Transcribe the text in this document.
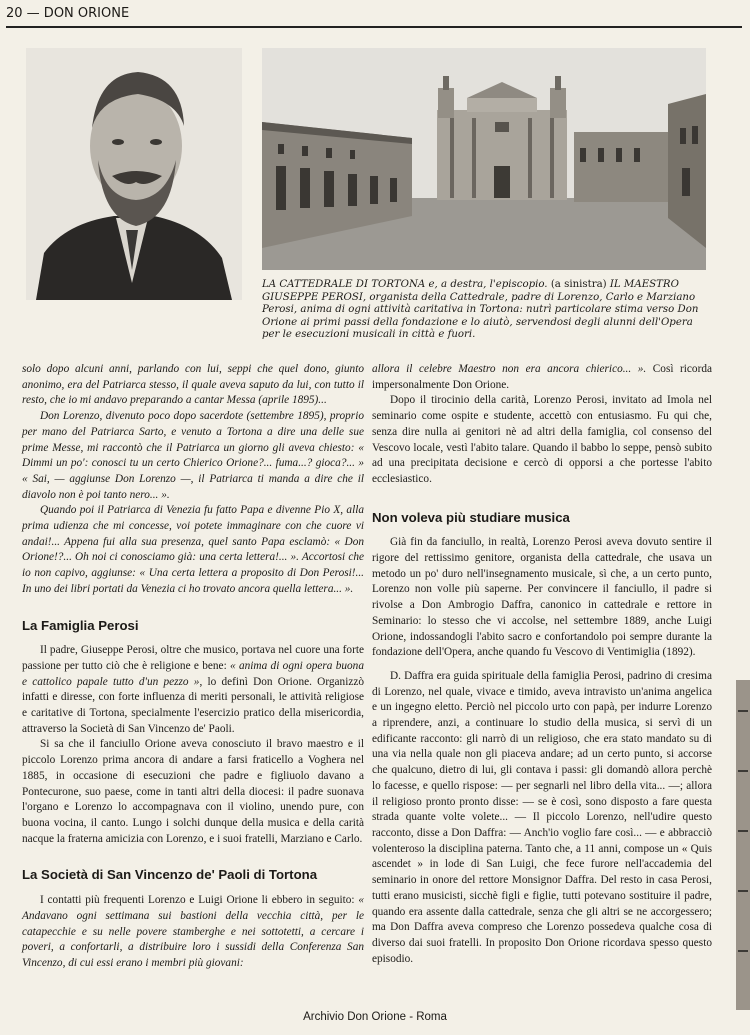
20 — DON ORIONE
LA CATTEDRALE DI TORTONA e, a destra, l'episcopio. (a sinistra) IL MAESTRO GIUSEPPE PEROSI, organista della Cattedrale, padre di Lorenzo, Carlo e Marziano Perosi, anima di ogni attività caritativa in Tortona: nutrì particolare stima verso Don Orione ai primi passi della fondazione e lo aiutò, servendosi degli alunni dell'Opera per le esecuzioni musicali in città e fuori.

solo dopo alcuni anni, parlando con lui, seppi che quel dono, giunto anonimo, era del Patriarca stesso, il quale aveva saputo da lui, con tutto il resto, che io mi andavo preparando a cantar Messa (aprile 1895)...

Don Lorenzo, divenuto poco dopo sacerdote (settembre 1895), proprio per mano del Patriarca Sarto, e venuto a Tortona a dire una delle sue prime Messe, mi raccontò che il Patriarca un giorno gli aveva chiesto: « Dimmi un po': conosci tu un certo Chierico Orione?... fuma...? gioca?... » « Sai, — aggiunse Don Lorenzo —, il Patriarca ti manda a dire che il diavolo non è poi tanto nero... ».

Quando poi il Patriarca di Venezia fu fatto Papa e divenne Pio X, alla prima udienza che mi concesse, voi potete immaginare con che cuore vi andai!... Appena fui alla sua presenza, quel santo Papa esclamò: « Don Orione!?... Oh noi ci conosciamo già: una certa lettera!... ». Accortosi che io non capivo, aggiunse: « Una certa lettera a proposito di Don Perosi!... In uno dei libri portati da Venezia ci ho trovato ancora quella lettera... ».

La Famiglia Perosi

Il padre, Giuseppe Perosi, oltre che musico, portava nel cuore una forte passione per tutto ciò che è religione e bene: « anima di ogni opera buona e cattolico papale tutto d'un pezzo », lo definì Don Orione. Organizzò infatti e diresse, con forte influenza di meriti personali, le attività religiose e caritative di Tortona, specialmente l'esercizio pratico della misericordia, attraverso la Società di San Vincenzo de' Paoli.

Si sa che il fanciullo Orione aveva conosciuto il bravo maestro e il piccolo Lorenzo prima ancora di andare a farsi fraticello a Voghera nel 1885, in occasione di esecuzioni che padre e figliuolo davano a Pontecurone, suo paese, come in tanti altri della diocesi: il padre suonava l'organo e Lorenzo lo accompagnava con il violino, unendo pure, con buona vocina, il canto. Lungo i solchi dunque della musica e della carità nacque la fraterna amicizia con Lorenzo, e i suoi fratelli, Marziano e Carlo.

La Società di San Vincenzo de' Paoli di Tortona

I contatti più frequenti Lorenzo e Luigi Orione li ebbero in seguito: « Andavano ogni settimana sui bastioni della vecchia città, per le catapecchie e su nelle povere stamberghe e nei sottotetti, a cercare i poveri, a confortarli, a distribuire loro i sussidi della Conferenza San Vincenzo, di cui essi erano i membri più giovani:

allora il celebre Maestro non era ancora chierico... ». Così ricorda impersonalmente Don Orione.

Dopo il tirocinio della carità, Lorenzo Perosi, invitato ad Imola nel seminario come ospite e studente, accettò con entusiasmo. Fu qui che, senza dire nulla ai genitori nè ad altri della famiglia, col consenso del Vescovo locale, vestì l'abito talare. Quando il babbo lo seppe, pensò subito ad una precipitata decisione e cercò di opporsi a che portesse l'abito ecclesiastico.

Non voleva più studiare musica

Già fin da fanciullo, in realtà, Lorenzo Perosi aveva dovuto sentire il rigore del rettissimo genitore, organista della cattedrale, che usava un metodo un po' duro nell'insegnamento musicale, sì che, a un certo punto, Lorenzo non volle più saperne. Per convincere il fanciullo, il padre si rivolse a Don Ambrogio Daffra, canonico in cattedrale e rettore in Seminario: lo stesso che vi accolse, nel settembre 1889, anche Luigi Orione, indossandogli l'abito sacro e confortandolo poi sempre durante la fondazione dell'Opera, anche quando fu Vescovo di Ventimiglia (1892).

D. Daffra era guida spirituale della famiglia Perosi, padrino di cresima di Lorenzo, nel quale, vivace e timido, aveva intravisto un'anima angelica e un ingegno eletto. Perciò nel piccolo urto con papà, per indurre Lorenzo a riprendere, anzi, a continuare lo studio della musica, si servì di un edificante racconto: gli narrò di un religioso, che era stato mandato su di una via nella quale non gli piaceva andare; ad un certo punto, si accorse che qualcuno, dietro di lui, gli contava i passi: gli domandò allora perchè lo facesse, e quello rispose: — per segnarli nel libro della vita... —; allora il religioso pronto pronto disse: — se è così, sono disposto a fare questa strada quante volte volete... — Il piccolo Lorenzo, nell'udire questo racconto, disse a Don Daffra: — Anch'io voglio fare così... — e abbracciò volenteroso la disciplina paterna. Tanto che, a 11 anni, compose un « Quis ascendet » in lode di San Luigi, che fece furore nell'accademia del seminario in onore del rettore Monsignor Daffra. Del resto in casa Perosi, tutti erano musicisti, sicchè figli e figlie, tutti potevano sostituire il padre, quando era assente dalla cattedrale, senza che gli altri se ne accorgessero; ma Don Daffra aveva compreso che Lorenzo possedeva qualche cosa di diverso dai suoi fratelli. In proposito Don Orione ricordava spesso questo episodio.

Archivio Don Orione - Roma
